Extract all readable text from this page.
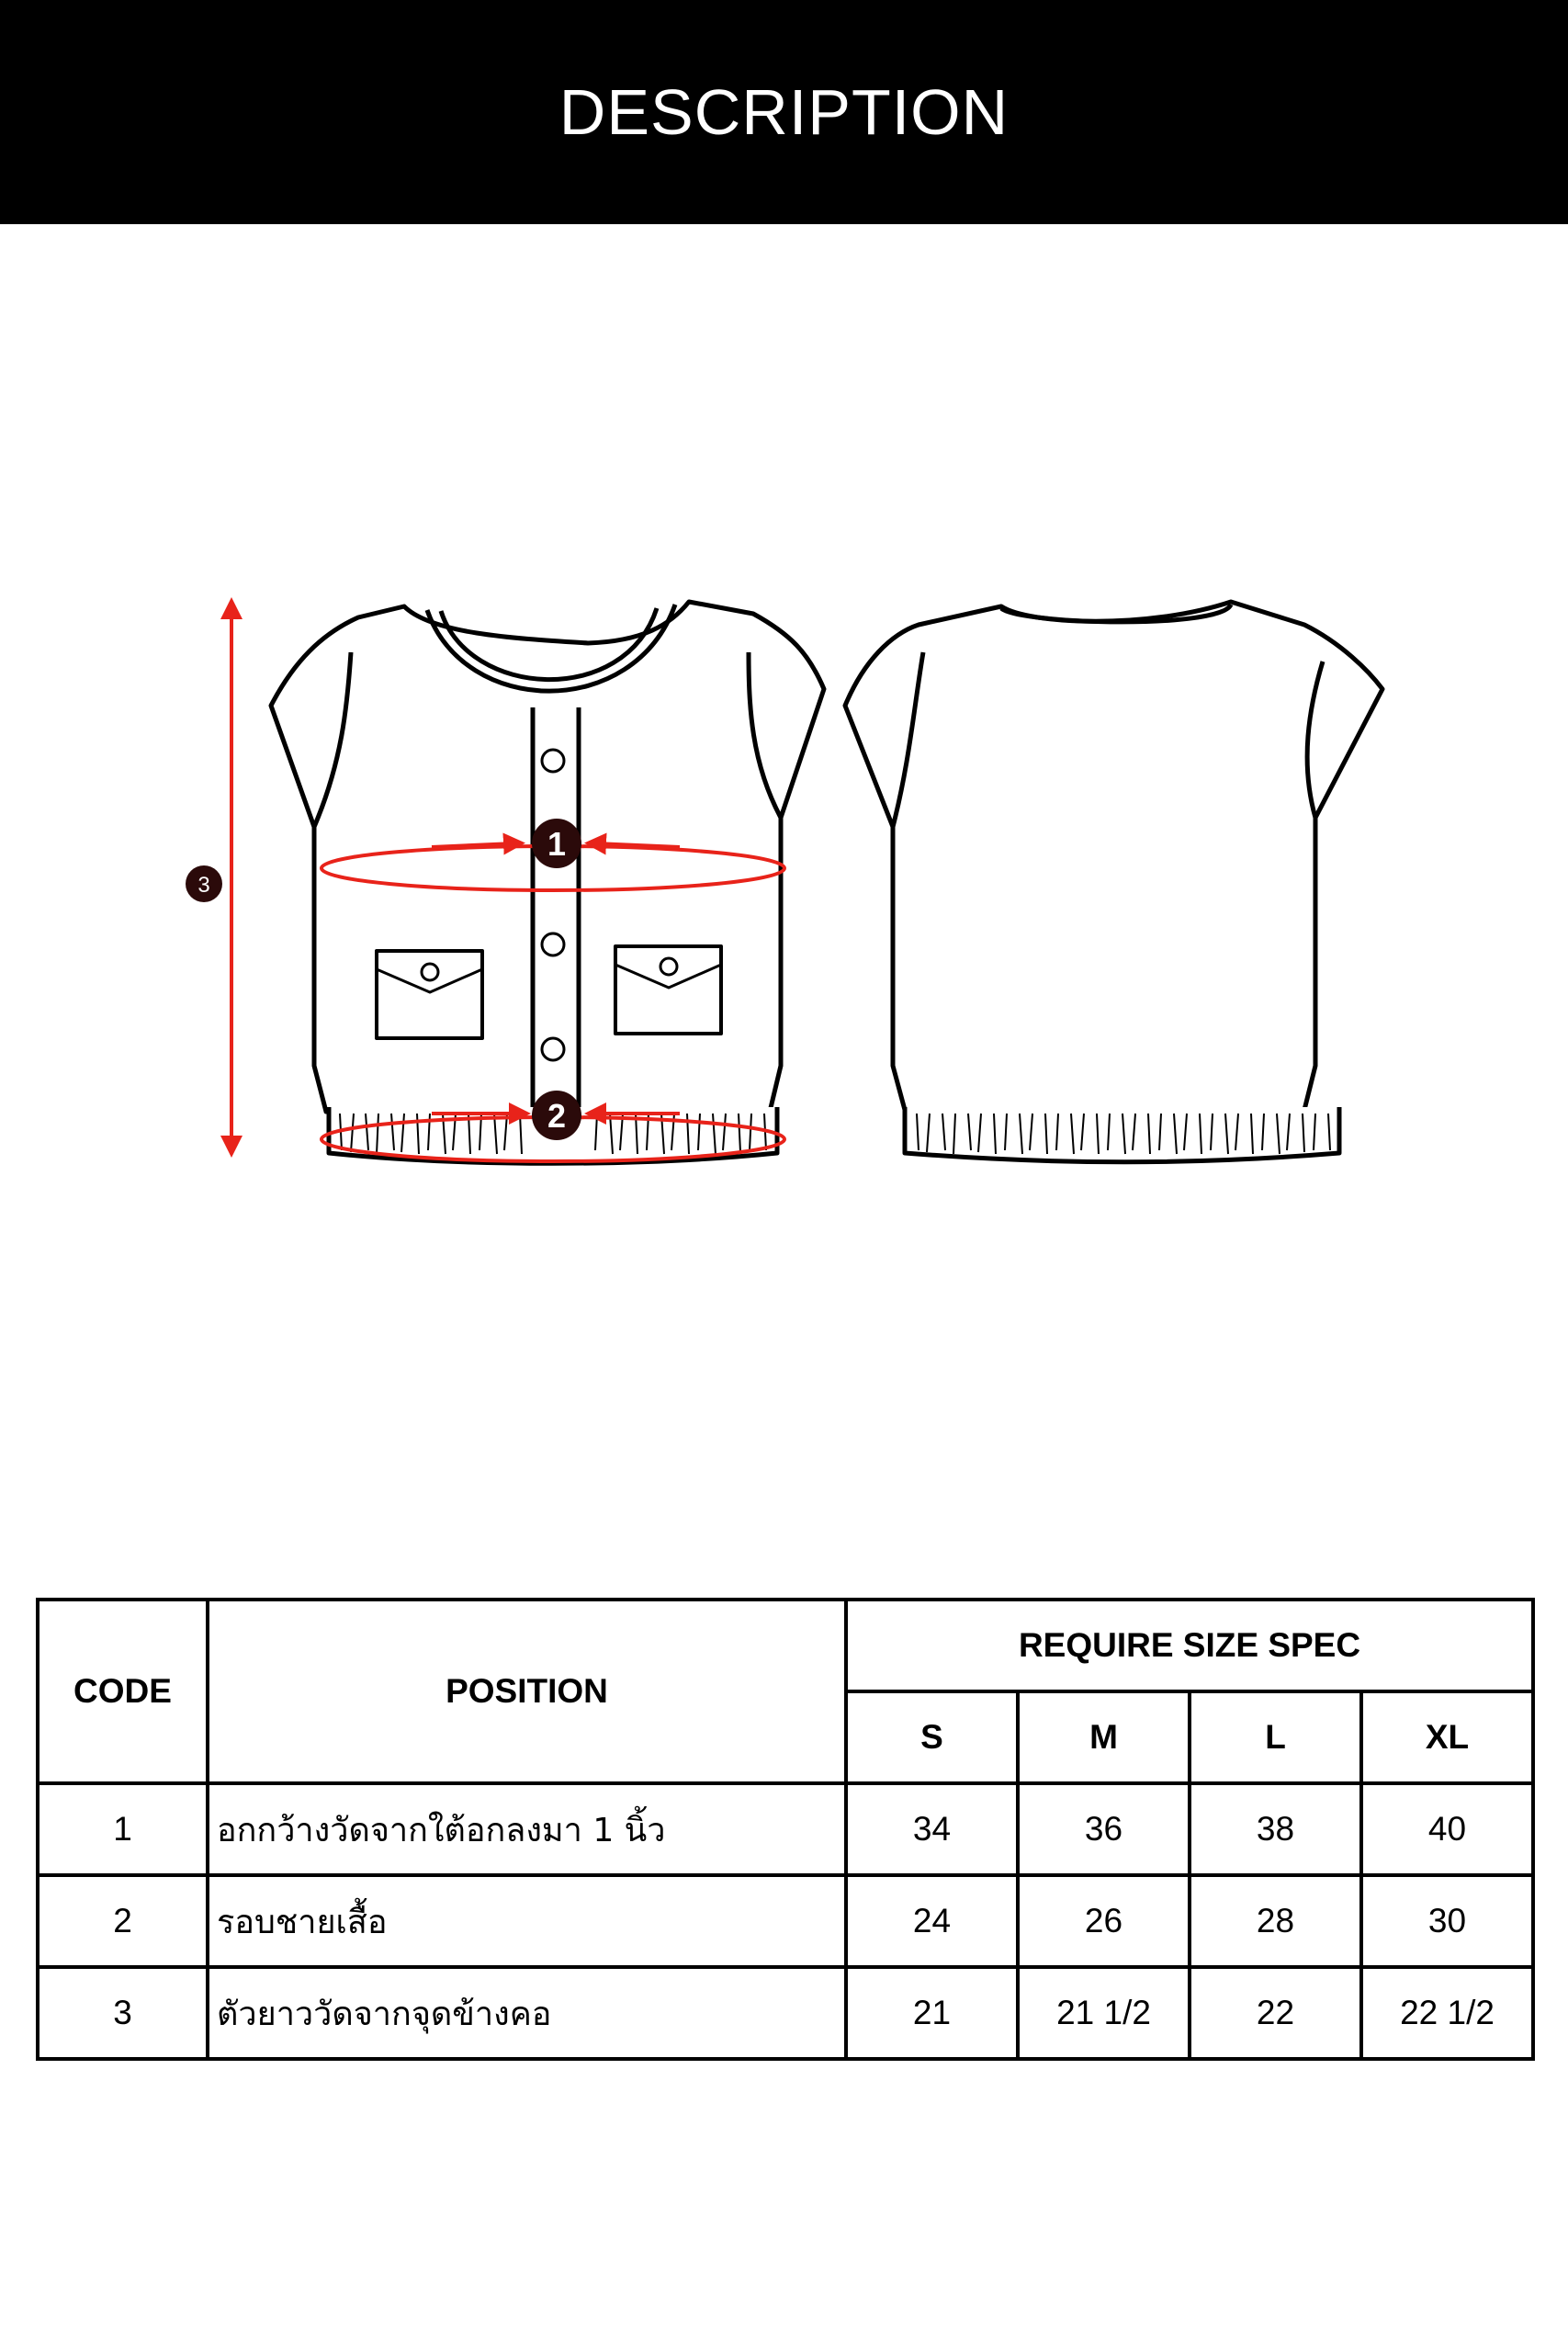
DESCRIPTION
1
2
3
CODE	POSITION	REQUIRE SIZE SPEC			
		S	M	L	XL
1	อกกว้างวัดจากใต้อกลงมา 1 นิ้ว	34	36	38	40
2	รอบชายเสื้อ	24	26	28	30
3	ตัวยาววัดจากจุดข้างคอ	21	21 1/2	22	22 1/2
